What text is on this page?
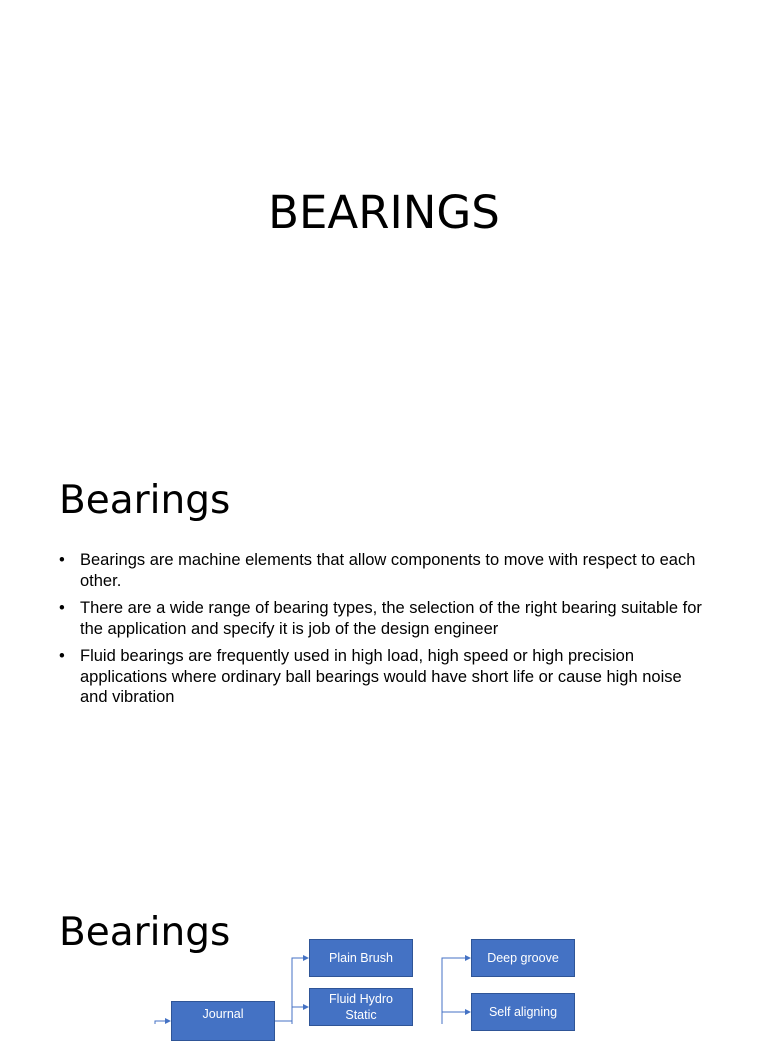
BEARINGS
Bearings
• Bearings are machine elements that allow components to move with respect to each other.
• There are a wide range of bearing types, the selection of the right bearing suitable for the application and specify it is job of the design engineer
• Fluid bearings are frequently used in high load, high speed or high precision applications where ordinary ball bearings would have short life or cause high noise and vibration
Bearings
Plain Brush
Fluid Hydro Static
Journal
Deep groove
Self aligning
